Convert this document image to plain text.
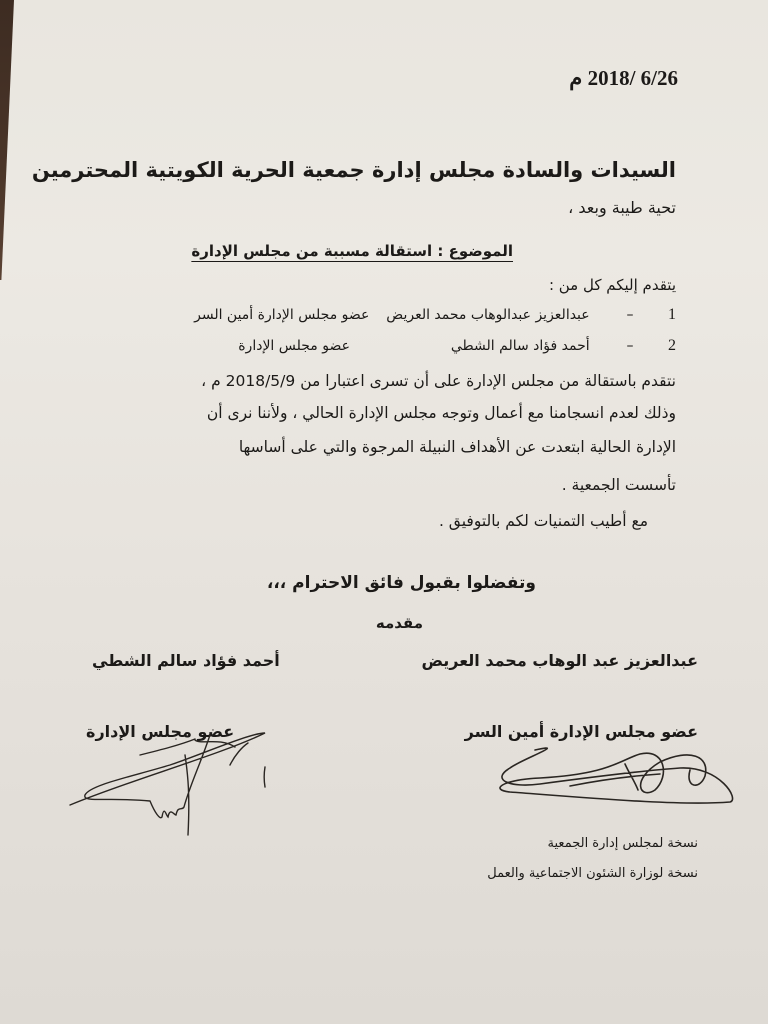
6/26 /2018 م
السيدات والسادة مجلس إدارة جمعية الحرية الكويتية المحترمين
تحية طيبة وبعد ،
الموضوع : استقالة مسببة من مجلس الإدارة
يتقدم إليكم كل من :
1 –  عبدالعزيز عبدالوهاب محمد العريض  عضو مجلس الإدارة أمين السر
2 –  أحمد فؤاد سالم الشطي  عضو مجلس الإدارة
نتقدم باستقالة من مجلس الإدارة على أن تسرى اعتبارا من 2018/5/9 م ،
وذلك لعدم انسجامنا مع أعمال وتوجه مجلس الإدارة الحالي ، ولأننا نرى أن
الإدارة الحالية ابتعدت عن الأهداف النبيلة المرجوة والتي على أساسها
تأسست الجمعية .
مع أطيب التمنيات لكم بالتوفيق .
وتفضلوا بقبول فائق الاحترام ،،،
مقدمه
عبدالعزيز عبد الوهاب محمد العريض
أحمد فؤاد سالم الشطي
عضو مجلس الإدارة أمين السر
عضو مجلس الإدارة
نسخة لمجلس إدارة الجمعية
نسخة لوزارة الشئون الاجتماعية والعمل
